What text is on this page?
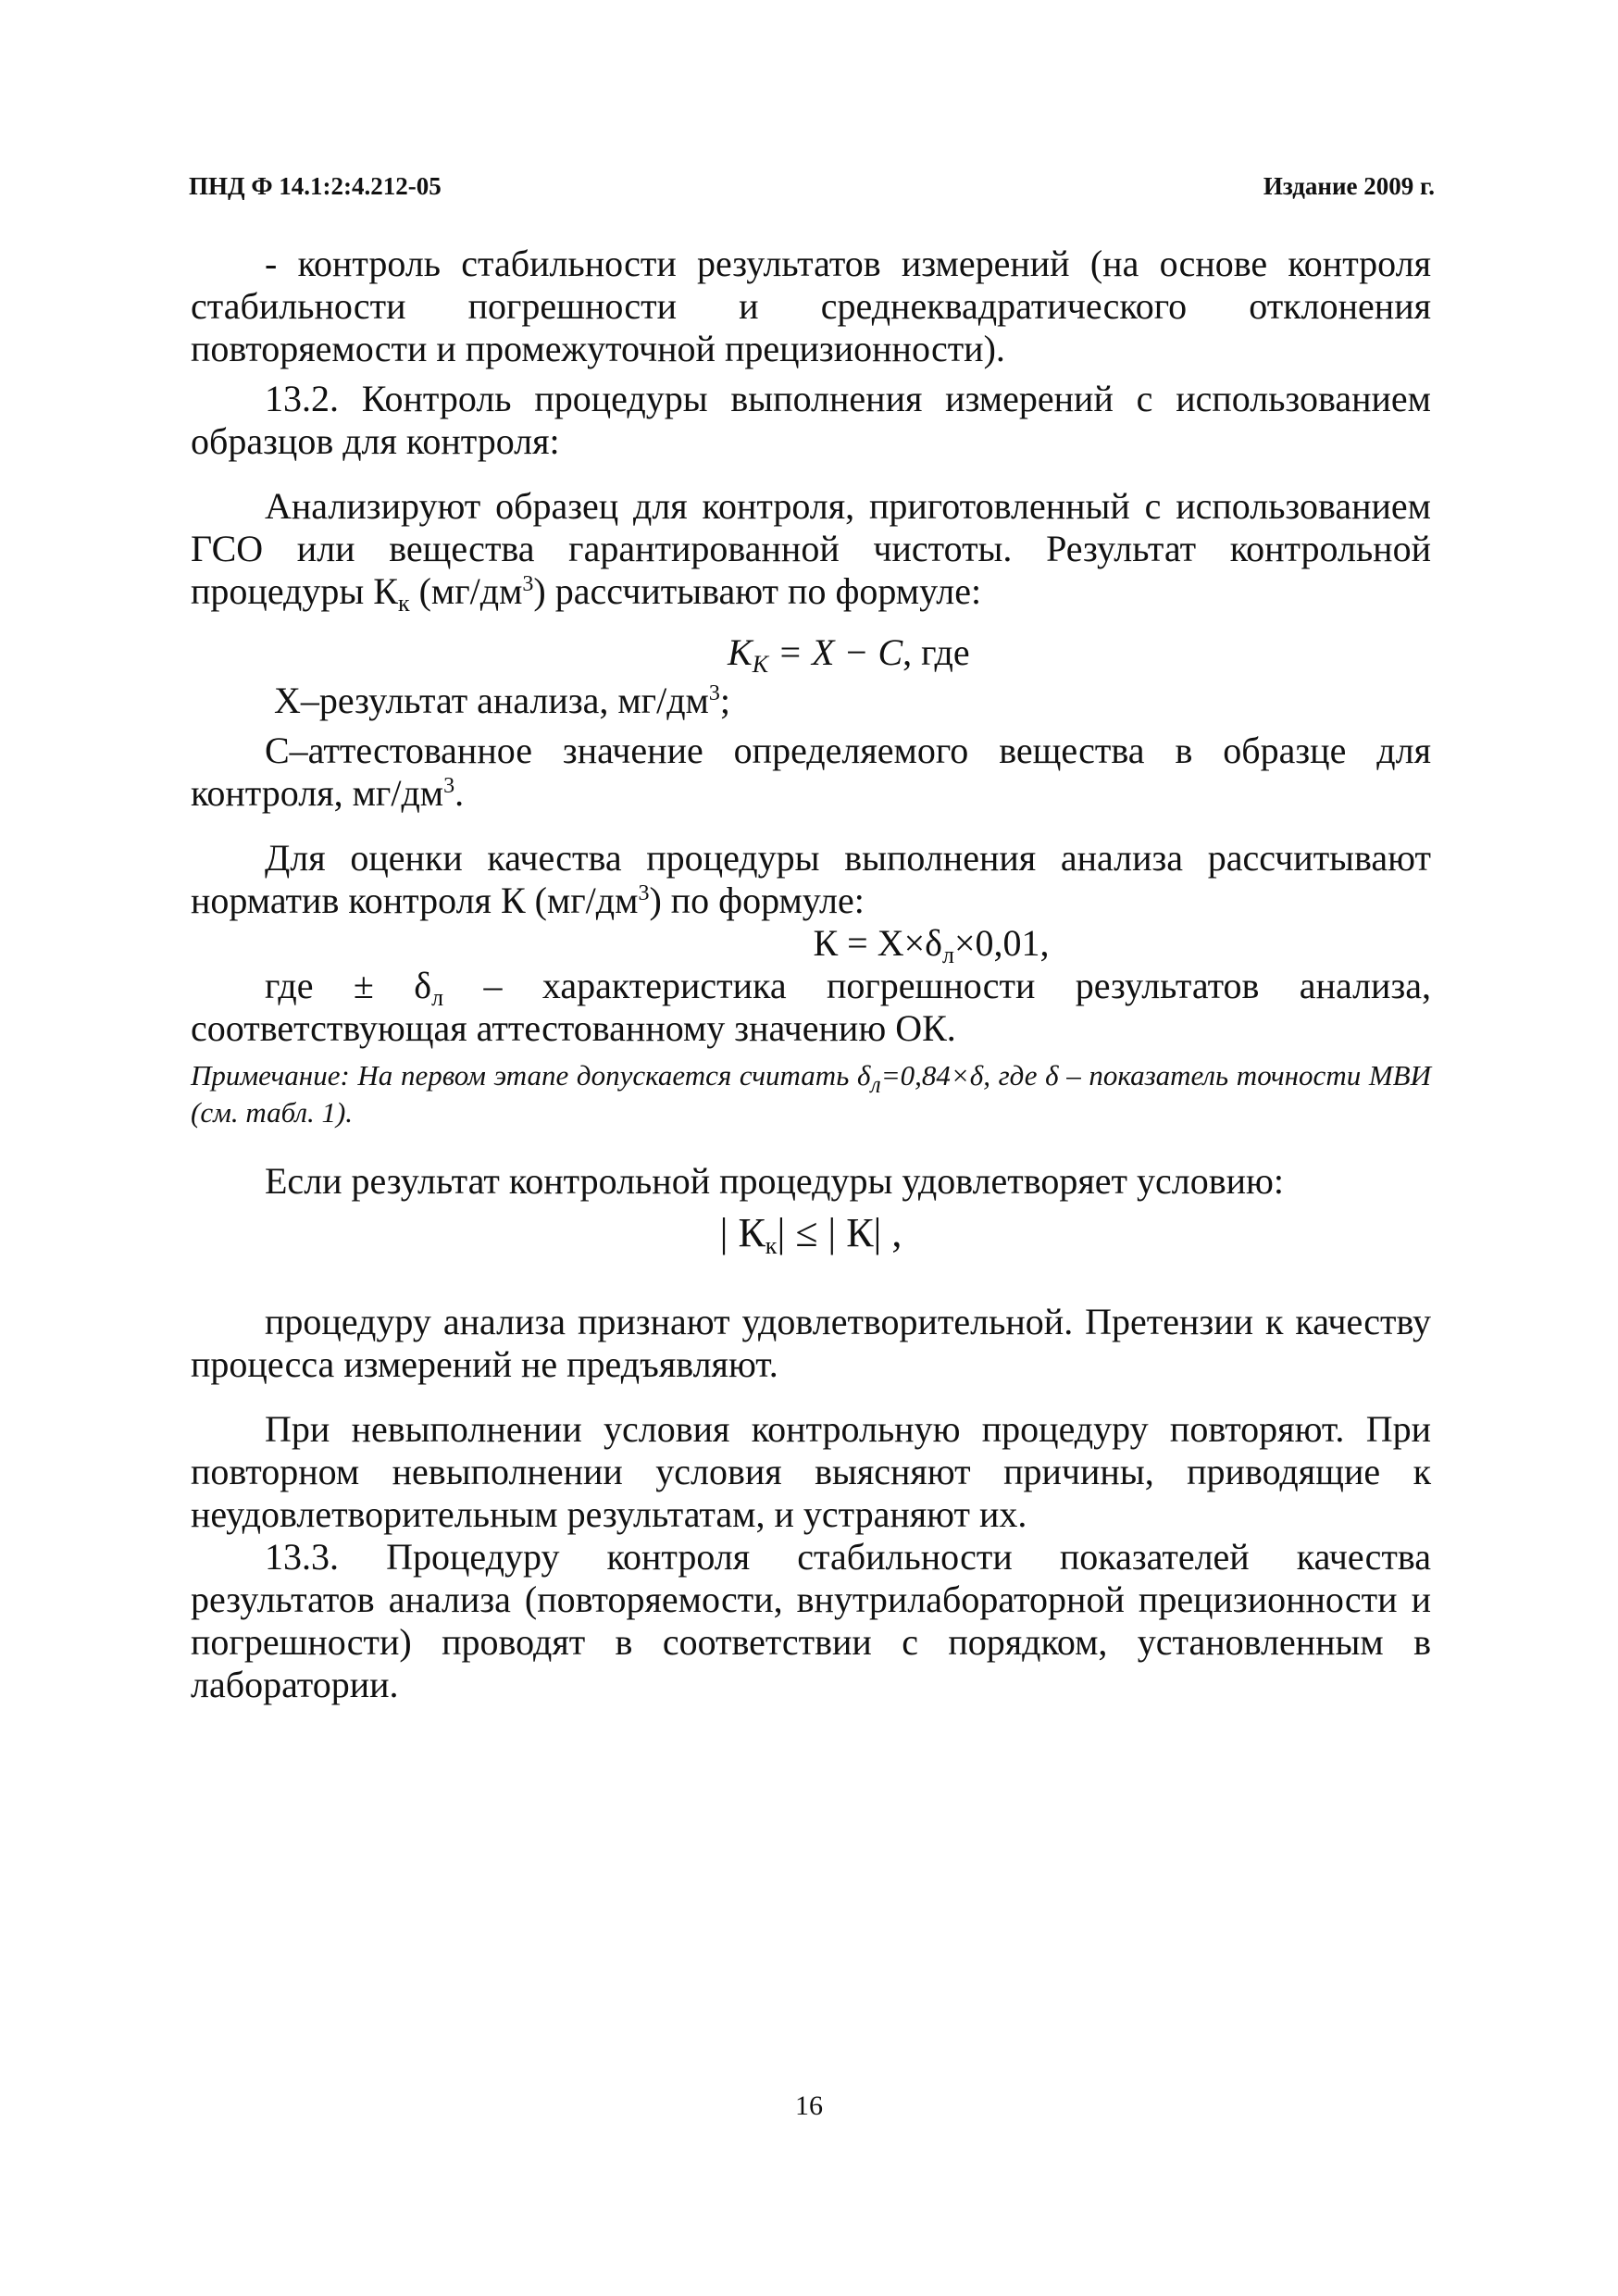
ПНД Ф 14.1:2:4.212-05	Издание 2009 г.

- контроль стабильности результатов измерений (на основе контроля стабильности погрешности и среднеквадратического отклонения повторяемости и промежуточной прецизионности).

13.2. Контроль процедуры выполнения измерений с использованием образцов для контроля:

Анализируют образец для контроля, приготовленный с использованием ГСО или вещества гарантированной чистоты. Результат контрольной процедуры $К_к$ $(мг/дм^3)$ рассчитывают по формуле:

$K_K = X - C$, где

X–результат анализа, $мг/дм^3$;

С–аттестованное значение определяемого вещества в образце для контроля, $мг/дм^3$.

Для оценки качества процедуры выполнения анализа рассчитывают норматив контроля К $(мг/дм^3)$ по формуле:

$К = X\times\delta_л\times 0,01$,

где ± $\delta_л$ – характеристика погрешности результатов анализа, соответствующая аттестованному значению ОК.

Примечание: На первом этапе допускается считать $\delta_л=0,84\times\delta$, где δ – показатель точности МВИ (см. табл. 1).

Если результат контрольной процедуры удовлетворяет условию:

| $К_к|$ ≤ | К| ,

процедуру анализа признают удовлетворительной. Претензии к качеству процесса измерений не предъявляют.

При невыполнении условия контрольную процедуру повторяют. При повторном невыполнении условия выясняют причины, приводящие к неудовлетворительным результатам, и устраняют их.

13.3. Процедуру контроля стабильности показателей качества результатов анализа (повторяемости, внутрилабораторной прецизионности и погрешности) проводят в соответствии с порядком, установленным в лаборатории.

16
